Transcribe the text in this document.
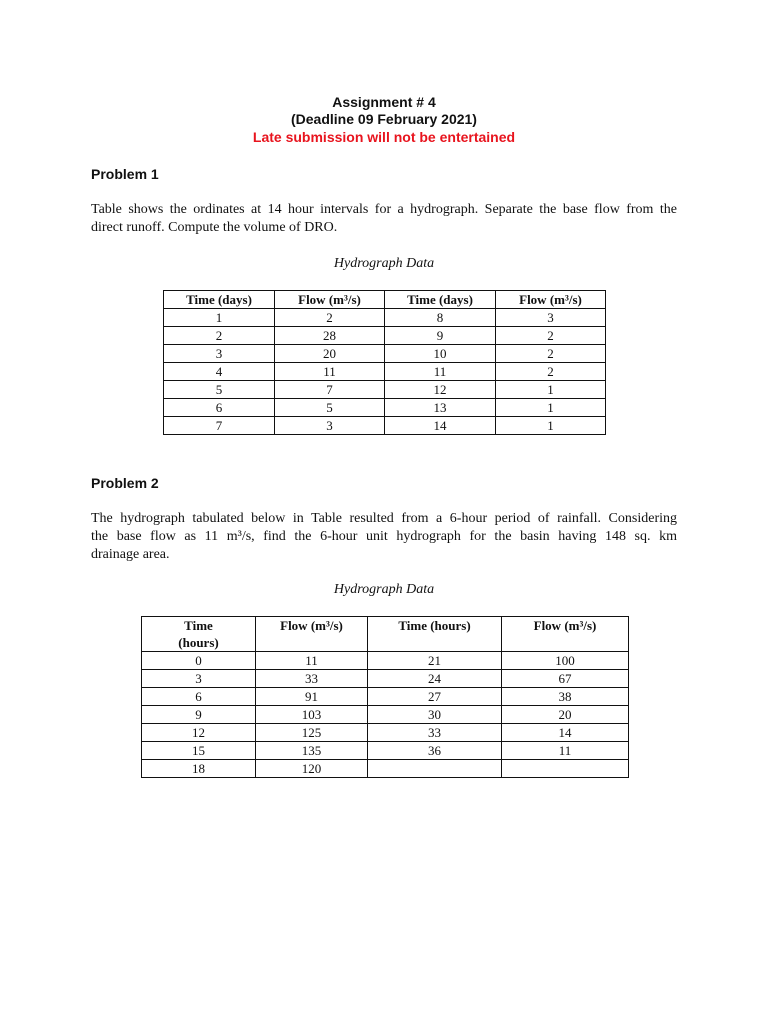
Assignment # 4
(Deadline 09 February 2021)
Late submission will not be entertained
Problem 1
Table shows the ordinates at 14 hour intervals for a hydrograph. Separate the base flow from the
direct runoff. Compute the volume of DRO.
Hydrograph Data
Time (days)	Flow (m³/s)	Time (days)	Flow (m³/s)
1	2	8	3
2	28	9	2
3	20	10	2
4	11	11	2
5	7	12	1
6	5	13	1
7	3	14	1
Problem 2
The hydrograph tabulated below in Table resulted from a 6-hour period of rainfall. Considering
the base flow as 11 m³/s, find the 6-hour unit hydrograph for the basin having 148 sq. km
drainage area.
Hydrograph Data
Time (hours)	Flow (m³/s)	Time (hours)	Flow (m³/s)
0	11	21	100
3	33	24	67
6	91	27	38
9	103	30	20
12	125	33	14
15	135	36	11
18	120		
